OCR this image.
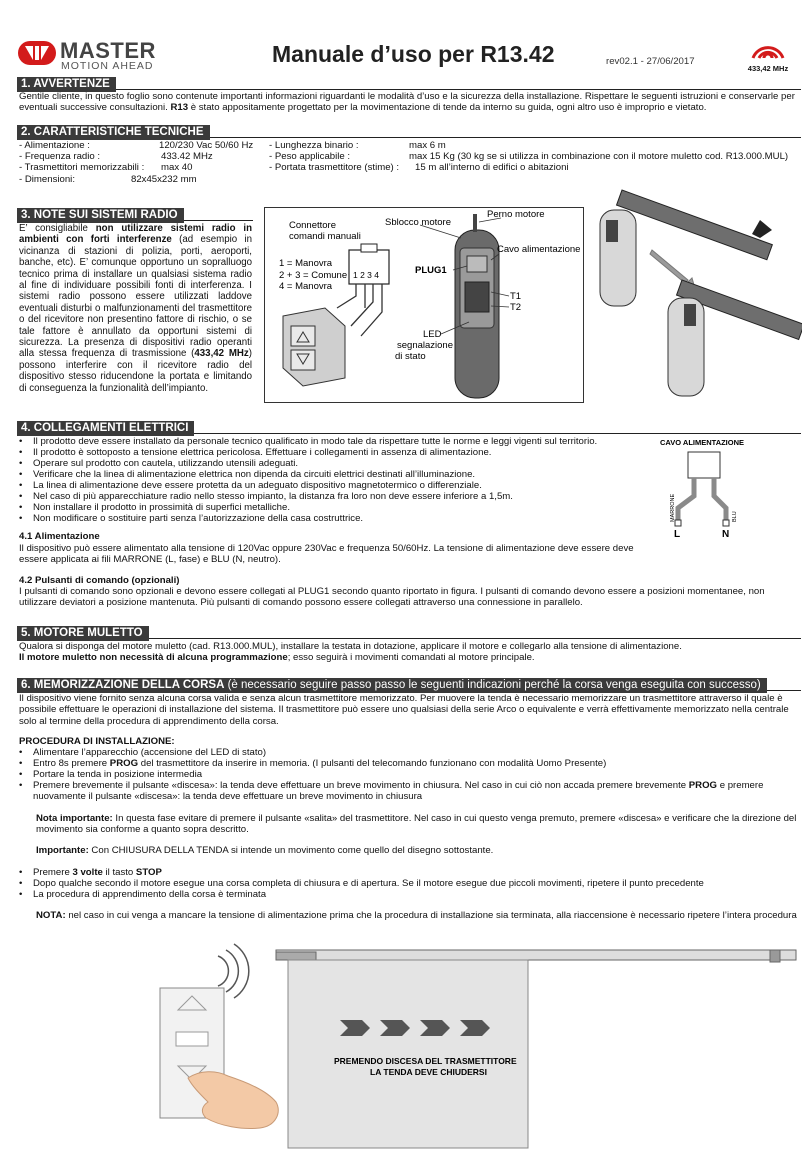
MASTER
MOTION AHEAD	Manuale d’uso per R13.42	rev02.1 - 27/06/2017
433,42 MHz
1. AVVERTENZE
Gentile cliente, in questo foglio sono contenute importanti informazioni riguardanti le modalità d’uso e la sicurezza della installazione. Rispettare le seguenti istruzioni e conservarle per eventuali successive consultazioni. R13 è stato appositamente progettato per la movimentazione di tende da interno su guida, ogni altro uso è improprio e vietato.
2. CARATTERISTICHE TECNICHE
- Alimentazione :	120/230 Vac 50/60 Hz
- Frequenza radio :	433.42 MHz
- Trasmettitori memorizzabili : max 40
- Dimensioni:	82x45x232 mm
- Lunghezza binario :	max 6 m
- Peso applicabile :	max 15 Kg (30 kg se si utilizza in combinazione con il motore muletto cod. R13.000.MUL)
- Portata trasmettitore (stime) : 15 m all’interno di edifici o abitazioni
3. NOTE SUI SISTEMI RADIO
E’ consigliabile non utilizzare sistemi radio in ambienti con forti interferenze (ad esempio in vicinanza di stazioni di polizia, porti, aeroporti, banche, etc). E’ comunque opportuno un sopralluogo tecnico prima di installare un qualsiasi sistema radio al fine di individuare possibili fonti di interferenza. I sistemi radio possono essere utilizzati laddove eventuali disturbi o malfunzionamenti del trasmettitore o del ricevitore non presentino fattore di rischio, o se tale fattore è annullato da opportuni sistemi di sicurezza. La presenza di dispositivi radio operanti alla stessa frequenza di trasmissione (433,42 MHz) possono interferire con il ricevitore radio del dispositivo stesso riducendone la portata e limitando di conseguenza la funzionalità dell’impianto.
Connettore
comandi manuali
1 = Manovra
2 + 3 = Comune
4 = Manovra
1 2 3 4
Sblocco motore
Perno motore
Cavo alimentazione
PLUG1
T1
T2
LED
segnalazione
di stato
4. COLLEGAMENTI ELETTRICI
• Il prodotto deve essere installato da personale tecnico qualificato in modo tale da rispettare tutte le norme e leggi vigenti sul territorio.
• Il prodotto è sottoposto a tensione elettrica pericolosa. Effettuare i collegamenti in assenza di alimentazione.
• Operare sul prodotto con cautela, utilizzando utensili adeguati.
• Verificare che la linea di alimentazione elettrica non dipenda da circuiti elettrici destinati all’illuminazione.
• La linea di alimentazione deve essere protetta da un adeguato dispositivo magnetotermico o differenziale.
• Nel caso di più apparecchiature radio nello stesso impianto, la distanza fra loro non deve essere inferiore a 1,5m.
• Non installare il prodotto in prossimità di superfici metalliche.
• Non modificare o sostituire parti senza l’autorizzazione della casa costruttrice.
CAVO ALIMENTAZIONE
MARRONE	BLU
L	N
4.1 Alimentazione
Il dispositivo può essere alimentato alla tensione di 120Vac oppure 230Vac e frequenza 50/60Hz. La tensione di alimentazione deve essere deve essere applicata ai fili MARRONE (L, fase) e BLU (N, neutro).
4.2 Pulsanti di comando (opzionali)
I pulsanti di comando sono opzionali e devono essere collegati al PLUG1 secondo quanto riportato in figura. I pulsanti di comando devono essere a posizioni momentanee, non utilizzare deviatori a posizione mantenuta. Più pulsanti di comando possono essere collegati attraverso una connessione in parallelo.
5. MOTORE MULETTO
Qualora si disponga del motore muletto (cad. R13.000.MUL), installare la testata in dotazione, applicare il motore e collegarlo alla tensione di alimentazione.
Il motore muletto non necessità di alcuna programmazione; esso seguirà i movimenti comandati al motore principale.
6. MEMORIZZAZIONE DELLA CORSA (è necessario seguire passo passo le seguenti indicazioni perché la corsa venga eseguita con successo)
Il dispositivo viene fornito senza alcuna corsa valida e senza alcun trasmettitore memorizzato. Per muovere la tenda è necessario memorizzare un trasmettitore attraverso il quale è possibile effettuare le operazioni di installazione del sistema. Il trasmettitore può essere uno qualsiasi della serie Arco o equivalente e verrà effettivamente memorizzato nella centrale solo al termine della procedura di apprendimento della corsa.
PROCEDURA DI INSTALLAZIONE:
• Alimentare l’apparecchio (accensione del LED di stato)
• Entro 8s premere PROG del trasmettitore da inserire in memoria. (I pulsanti del telecomando funzionano con modalità Uomo Presente)
• Portare la tenda in posizione intermedia
• Premere brevemente il pulsante «discesa»: la tenda deve effettuare un breve movimento in chiusura. Nel caso in cui ciò non accada premere brevemente PROG e premere nuovamente il pulsante «discesa»: la tenda deve effettuare un breve movimento in chiusura
Nota importante: In questa fase evitare di premere il pulsante «salita» del trasmettitore. Nel caso in cui questo venga premuto, premere «discesa» e verificare che la direzione del movimento sia conforme a quanto sopra descritto.
Importante: Con CHIUSURA DELLA TENDA si intende un movimento come quello del disegno sottostante.
• Premere 3 volte il tasto STOP
• Dopo qualche secondo il motore esegue una corsa completa di chiusura e di apertura. Se il motore esegue due piccoli movimenti, ripetere il punto precedente
• La procedura di apprendimento della corsa è terminata
NOTA: nel caso in cui venga a mancare la tensione di alimentazione prima che la procedura di installazione sia terminata, alla riaccensione è necessario ripetere l’intera procedura
PREMENDO DISCESA DEL TRASMETTITORE
LA TENDA DEVE CHIUDERSI
